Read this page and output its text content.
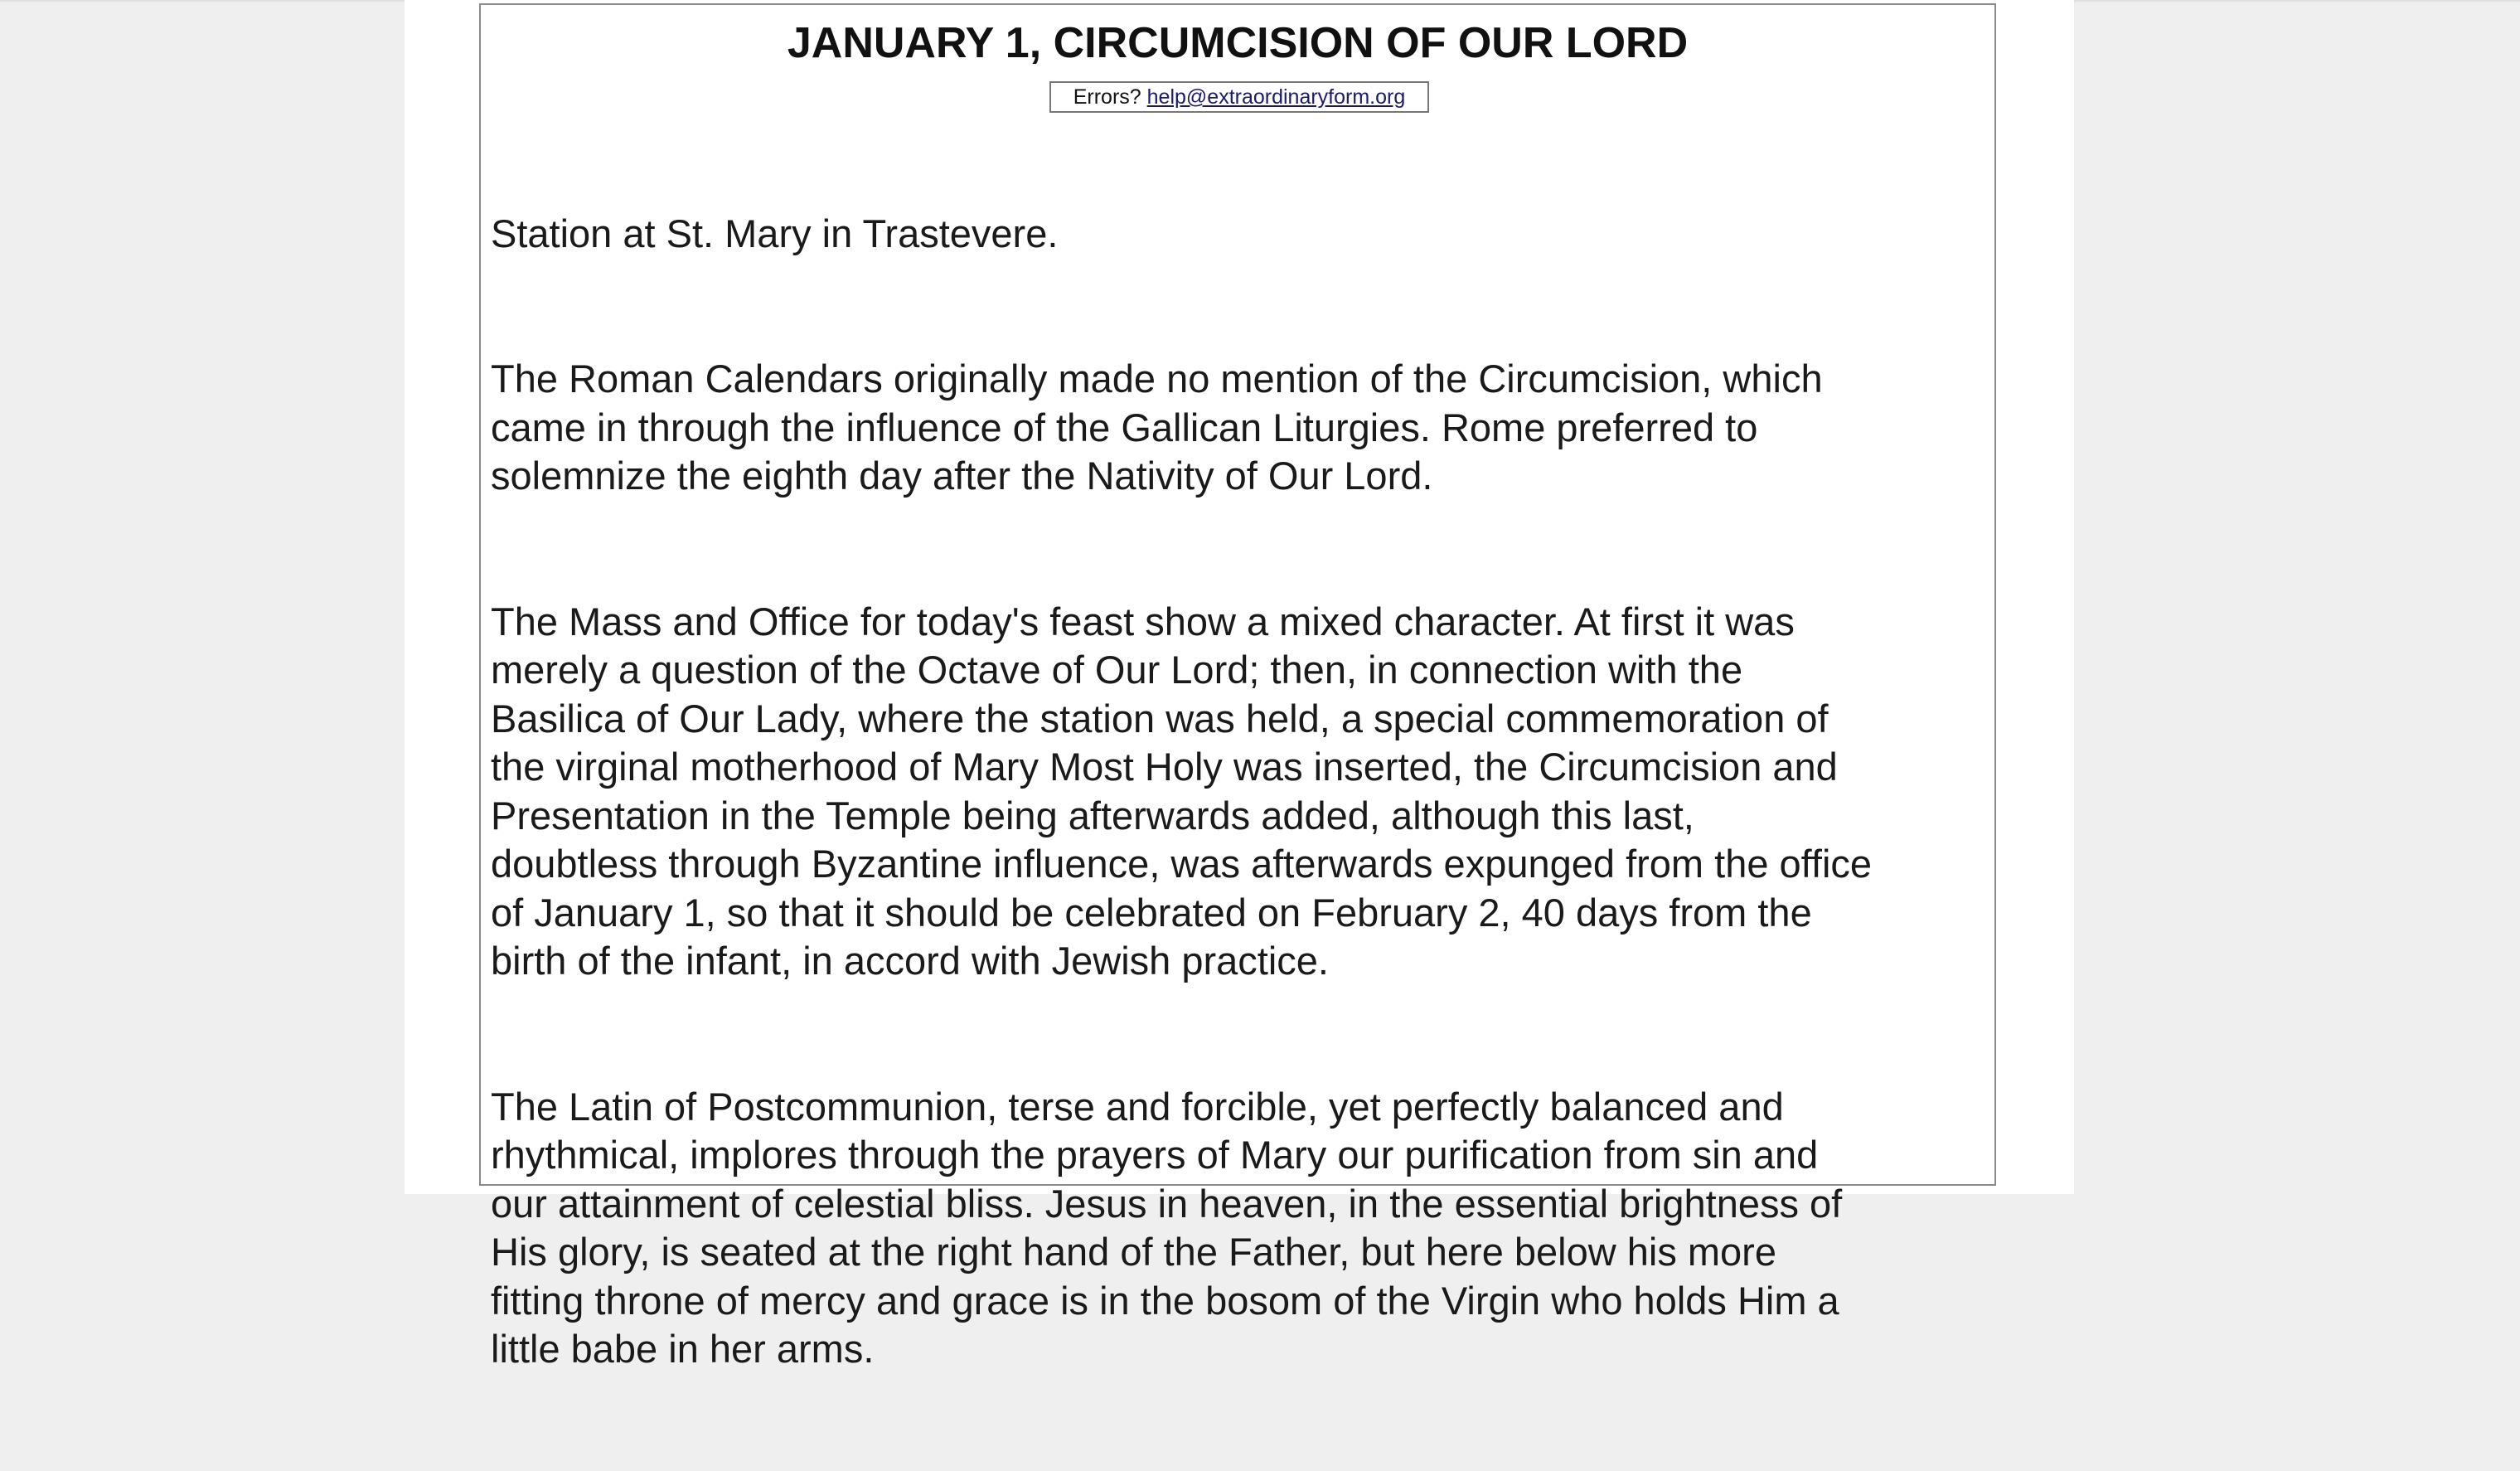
JANUARY 1, CIRCUMCISION OF OUR LORD
Errors? help@extraordinaryform.org

Station at St. Mary in Trastevere.

The Roman Calendars originally made no mention of the Circumcision, which
came in through the influence of the Gallican Liturgies. Rome preferred to
solemnize the eighth day after the Nativity of Our Lord.

The Mass and Office for today's feast show a mixed character. At first it was
merely a question of the Octave of Our Lord; then, in connection with the
Basilica of Our Lady, where the station was held, a special commemoration of
the virginal motherhood of Mary Most Holy was inserted, the Circumcision and
Presentation in the Temple being afterwards added, although this last,
doubtless through Byzantine influence, was afterwards expunged from the office
of January 1, so that it should be celebrated on February 2, 40 days from the
birth of the infant, in accord with Jewish practice.

The Latin of Postcommunion, terse and forcible, yet perfectly balanced and
rhythmical, implores through the prayers of Mary our purification from sin and
our attainment of celestial bliss. Jesus in heaven, in the essential brightness of
His glory, is seated at the right hand of the Father, but here below his more
fitting throne of mercy and grace is in the bosom of the Virgin who holds Him a
little babe in her arms.
